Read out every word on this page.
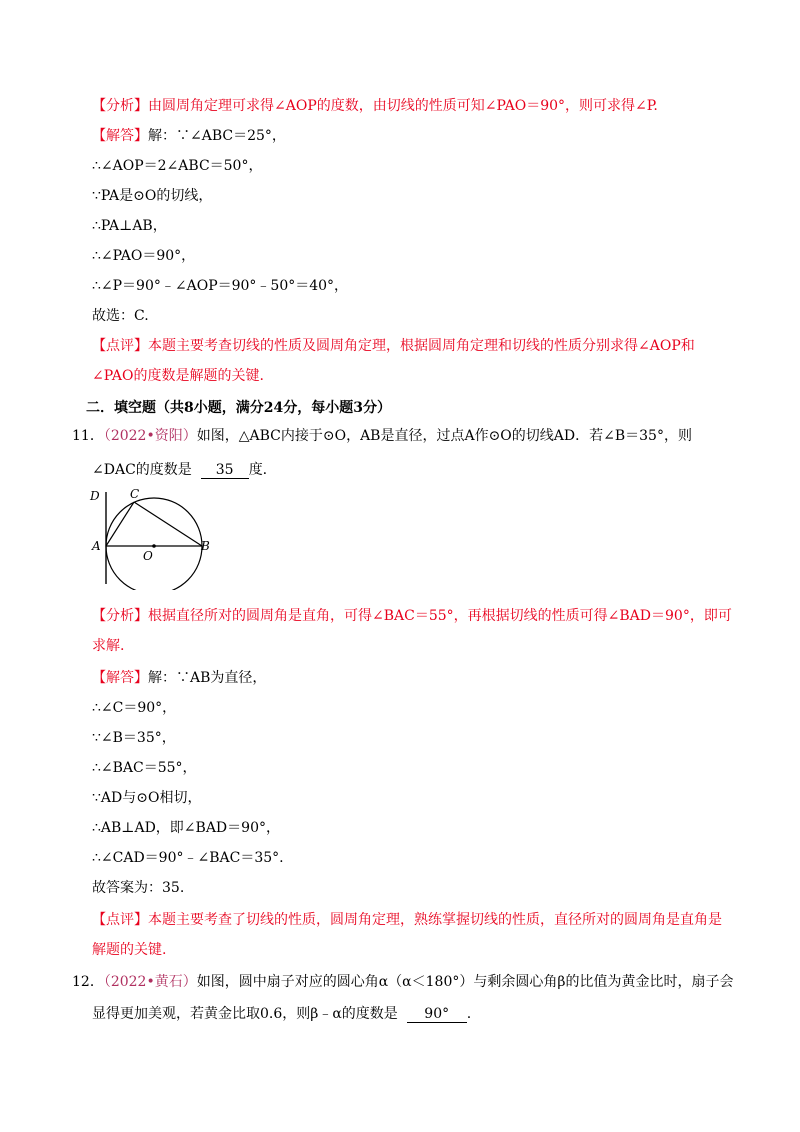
【分析】由圆周角定理可求得∠AOP的度数，由切线的性质可知∠PAO＝90°，则可求得∠P.
【解答】解：∵∠ABC＝25°，
∴∠AOP＝2∠ABC＝50°，
∵PA是⊙O的切线，
∴PA⊥AB，
∴∠PAO＝90°，
∴∠P＝90°﹣∠AOP＝90°﹣50°＝40°，
故选：C.
【点评】本题主要考查切线的性质及圆周角定理，根据圆周角定理和切线的性质分别求得∠AOP和
∠PAO的度数是解题的关键.
二．填空题（共8小题，满分24分，每小题3分）
11．（2022•资阳）如图，△ABC内接于⊙O，AB是直径，过点A作⊙O的切线AD．若∠B＝35°，则
∠DAC的度数是 35 度.
D	C
A
O
B
【分析】根据直径所对的圆周角是直角，可得∠BAC＝55°，再根据切线的性质可得∠BAD＝90°，即可
求解.
【解答】解：∵AB为直径，
∴∠C＝90°，
∵∠B＝35°，
∴∠BAC＝55°，
∵AD与⊙O相切，
∴AB⊥AD，即∠BAD＝90°，
∴∠CAD＝90°﹣∠BAC＝35°.
故答案为：35.
【点评】本题主要考查了切线的性质，圆周角定理，熟练掌握切线的性质，直径所对的圆周角是直角是
解题的关键.
12．（2022•黄石）如图，圆中扇子对应的圆心角α（α＜180°）与剩余圆心角β的比值为黄金比时，扇子会
显得更加美观，若黄金比取0.6，则β﹣α的度数是 90° .
